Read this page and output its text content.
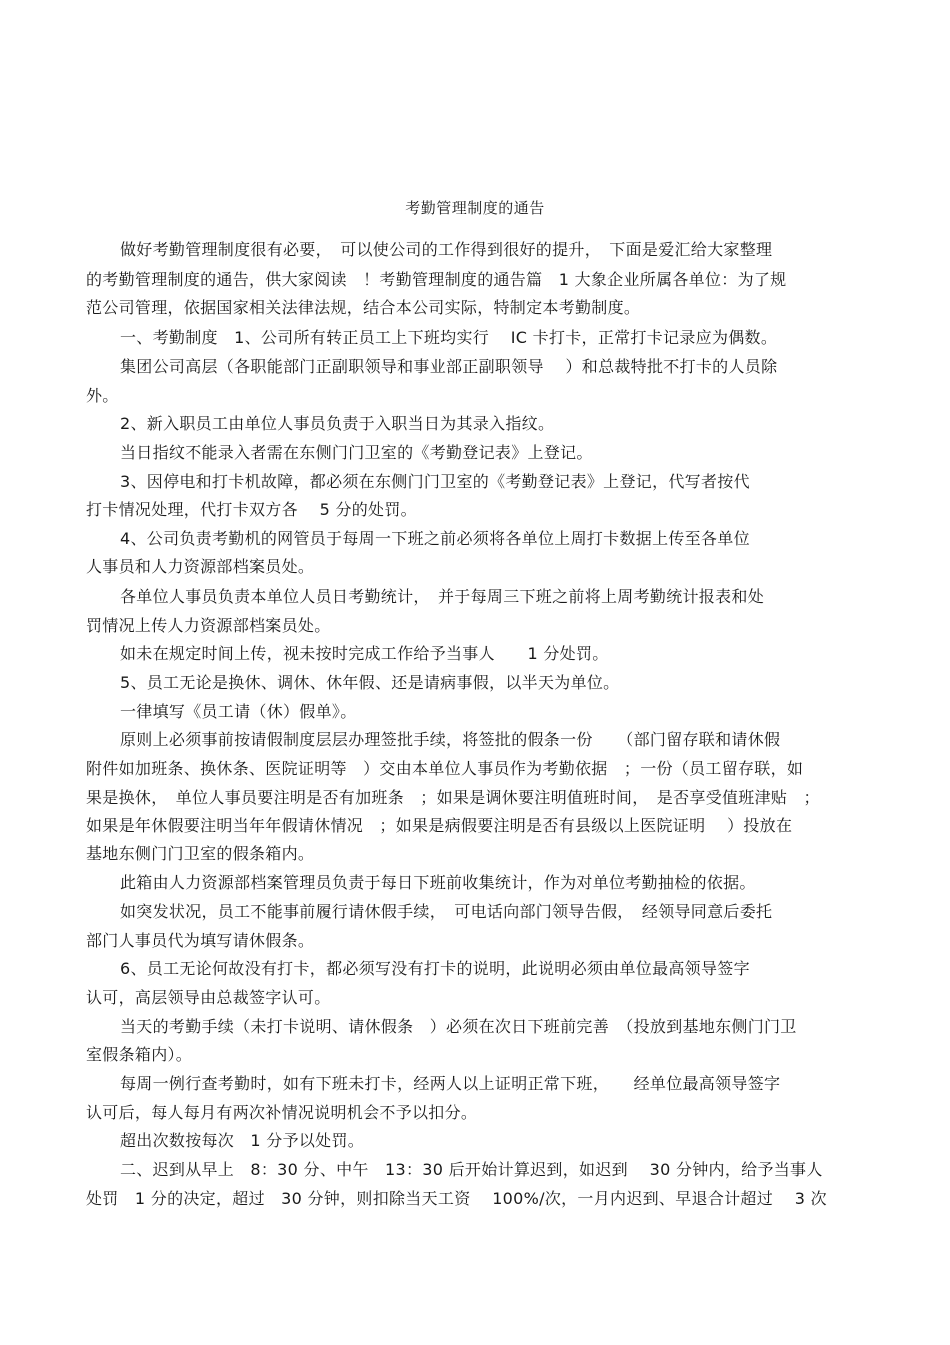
考勤管理制度的通告
做好考勤管理制度很有必要，　可以使公司的工作得到很好的提升，　下面是爱汇给大家整理
的考勤管理制度的通告，供大家阅读　！考勤管理制度的通告篇　1 大象企业所属各单位：为了规
范公司管理，依据国家相关法律法规，结合本公司实际，特制定本考勤制度。
一、考勤制度　1、公司所有转正员工上下班均实行　 IC 卡打卡，正常打卡记录应为偶数。
集团公司高层（各职能部门正副职领导和事业部正副职领导　 ）和总裁特批不打卡的人员除
外。
2、新入职员工由单位人事员负责于入职当日为其录入指纹。
当日指纹不能录入者需在东侧门门卫室的《考勤登记表》上登记。
3、因停电和打卡机故障，都必须在东侧门门卫室的《考勤登记表》上登记，代写者按代
打卡情况处理，代打卡双方各　 5 分的处罚。
4、公司负责考勤机的网管员于每周一下班之前必须将各单位上周打卡数据上传至各单位
人事员和人力资源部档案员处。
各单位人事员负责本单位人员日考勤统计，　并于每周三下班之前将上周考勤统计报表和处
罚情况上传人力资源部档案员处。
如未在规定时间上传，视未按时完成工作给予当事人　　1 分处罚。
5、员工无论是换休、调休、休年假、还是请病事假，以半天为单位。
一律填写《员工请（休）假单》。
原则上必须事前按请假制度层层办理签批手续，将签批的假条一份　　（部门留存联和请休假
附件如加班条、换休条、医院证明等　）交由本单位人事员作为考勤依据　；一份（员工留存联，如
果是换休，　单位人事员要注明是否有加班条　；如果是调休要注明值班时间，　是否享受值班津贴　；
如果是年休假要注明当年年假请休情况　；如果是病假要注明是否有县级以上医院证明　 ）投放在
基地东侧门门卫室的假条箱内。
此箱由人力资源部档案管理员负责于每日下班前收集统计，作为对单位考勤抽检的依据。
如突发状况，员工不能事前履行请休假手续，　可电话向部门领导告假，　经领导同意后委托
部门人事员代为填写请休假条。
6、员工无论何故没有打卡，都必须写没有打卡的说明，此说明必须由单位最高领导签字
认可，高层领导由总裁签字认可。
当天的考勤手续（未打卡说明、请休假条　）必须在次日下班前完善　（投放到基地东侧门门卫
室假条箱内）。
每周一例行查考勤时，如有下班未打卡，经两人以上证明正常下班，　　经单位最高领导签字
认可后，每人每月有两次补情况说明机会不予以扣分。
超出次数按每次　1 分予以处罚。
二、迟到从早上　8：30 分、中午　13：30 后开始计算迟到，如迟到　 30 分钟内，给予当事人
处罚　1 分的决定，超过　30 分钟，则扣除当天工资　 100%/次，一月内迟到、早退合计超过　 3 次
